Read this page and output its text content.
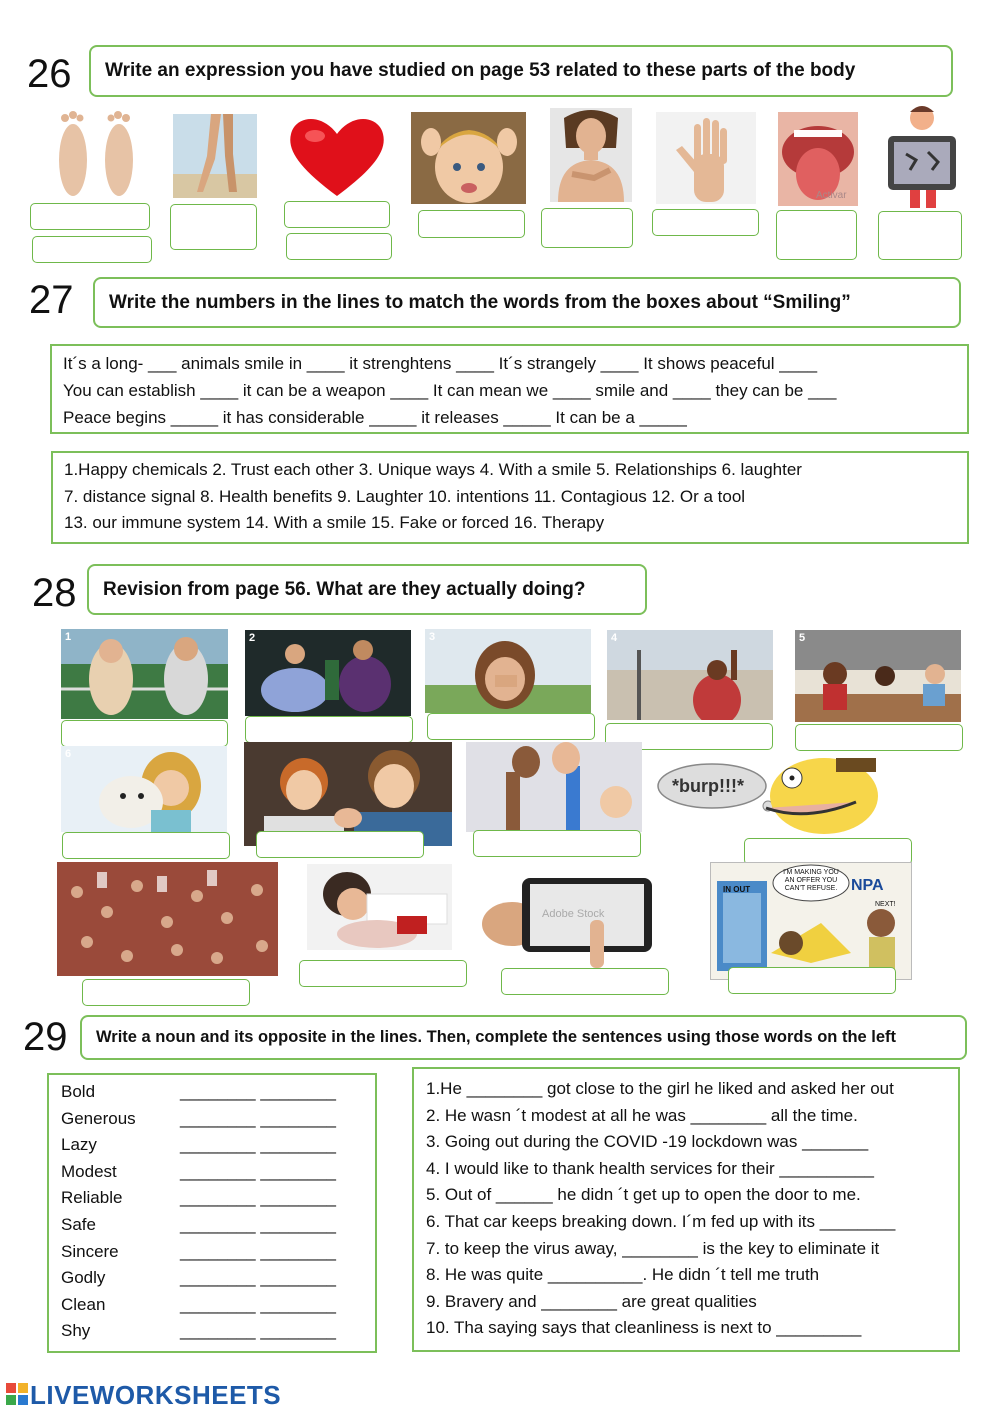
26	Write an expression you have studied on page 53 related to these parts of the body
Activar
27	Write the numbers in the lines to match the words from the boxes about “Smiling”
It´s a long- ___ animals smile in ____ it strenghtens ____ It´s strangely ____ It shows peaceful ____
You can establish ____ it can be a weapon ____ It can mean we ____ smile and ____ they can be ___
Peace begins _____ it has considerable _____ it releases _____ It can be a _____
1.Happy chemicals 2. Trust each other 3. Unique ways 4. With a smile 5. Relationships 6. laughter
7. distance signal 8. Health benefits 9. Laughter 10. intentions 11. Contagious 12. Or a tool
13. our immune system 14. With a smile 15. Fake or forced 16. Therapy
28	Revision from page 56. What are they actually doing?
1	2	3	4	5
6
*burp!!!*
Adobe Stock
I'M MAKING YOU AN OFFER YOU CAN'T REFUSE. NPA
IN OUT
NEXT!
29	Write a noun and its opposite in the lines. Then, complete the sentences using those words on the left
Bold	________ ________
Generous	________ ________
Lazy	________ ________
Modest	________ ________
Reliable	________ ________
Safe	________ ________
Sincere	________ ________
Godly	________ ________
Clean	________ ________
Shy	________ ________
1.He ________ got close to the girl he liked and asked her out
2. He wasn ´t modest at all he was ________ all the time.
3. Going out during the COVID -19 lockdown was _______
4. I would like to thank health services for their __________
5. Out of ______ he didn ´t get up to open the door to me.
6. That car keeps breaking down. I´m fed up with its ________
7. to keep the virus away, ________ is the key to eliminate it
8. He was quite __________. He didn ´t tell me truth
9. Bravery and ________ are great qualities
10. Tha saying says that cleanliness is next to _________
LIVEWORKSHEETS
